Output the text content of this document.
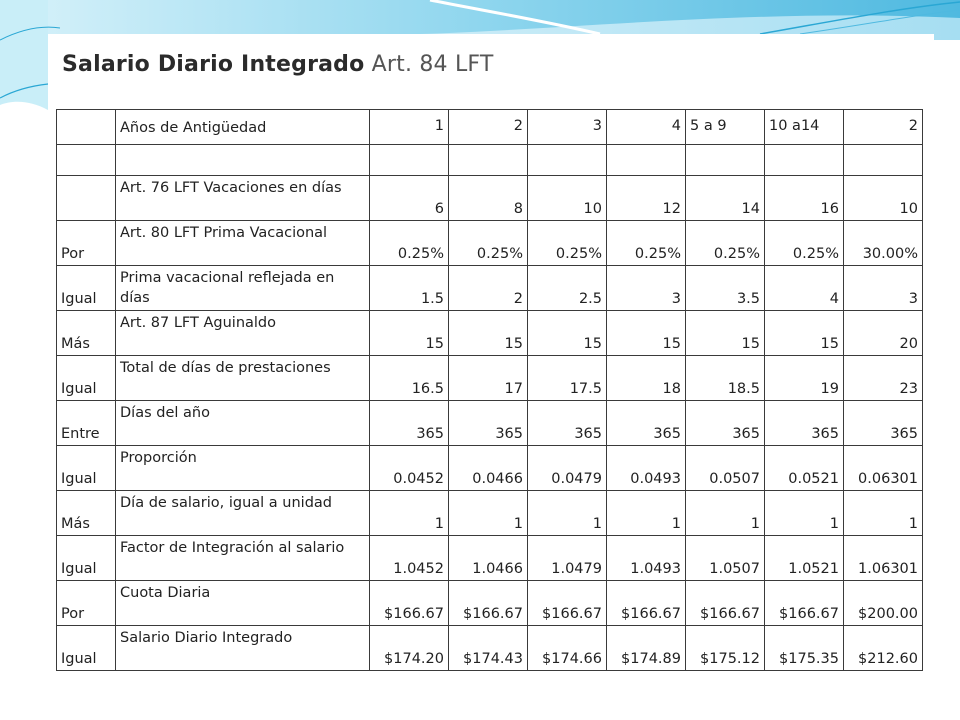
Salario Diario Integrado Art. 84 LFT
	Años de Antigüedad	1	2	3	4	5 a 9	10 a14	2

	Art. 76 LFT Vacaciones en días	6	8	10	12	14	16	10
Por	Art. 80 LFT Prima Vacacional	0.25%	0.25%	0.25%	0.25%	0.25%	0.25%	30.00%
Igual	Prima vacacional reflejada en días	1.5	2	2.5	3	3.5	4	3
Más	Art. 87 LFT Aguinaldo	15	15	15	15	15	15	20
Igual	Total de días de prestaciones	16.5	17	17.5	18	18.5	19	23
Entre	Días del año	365	365	365	365	365	365	365
Igual	Proporción	0.0452	0.0466	0.0479	0.0493	0.0507	0.0521	0.06301
Más	Día de salario, igual a unidad	1	1	1	1	1	1	1
Igual	Factor de Integración al salario	1.0452	1.0466	1.0479	1.0493	1.0507	1.0521	1.06301
Por	Cuota Diaria	$166.67	$166.67	$166.67	$166.67	$166.67	$166.67	$200.00
Igual	Salario Diario Integrado	$174.20	$174.43	$174.66	$174.89	$175.12	$175.35	$212.60
